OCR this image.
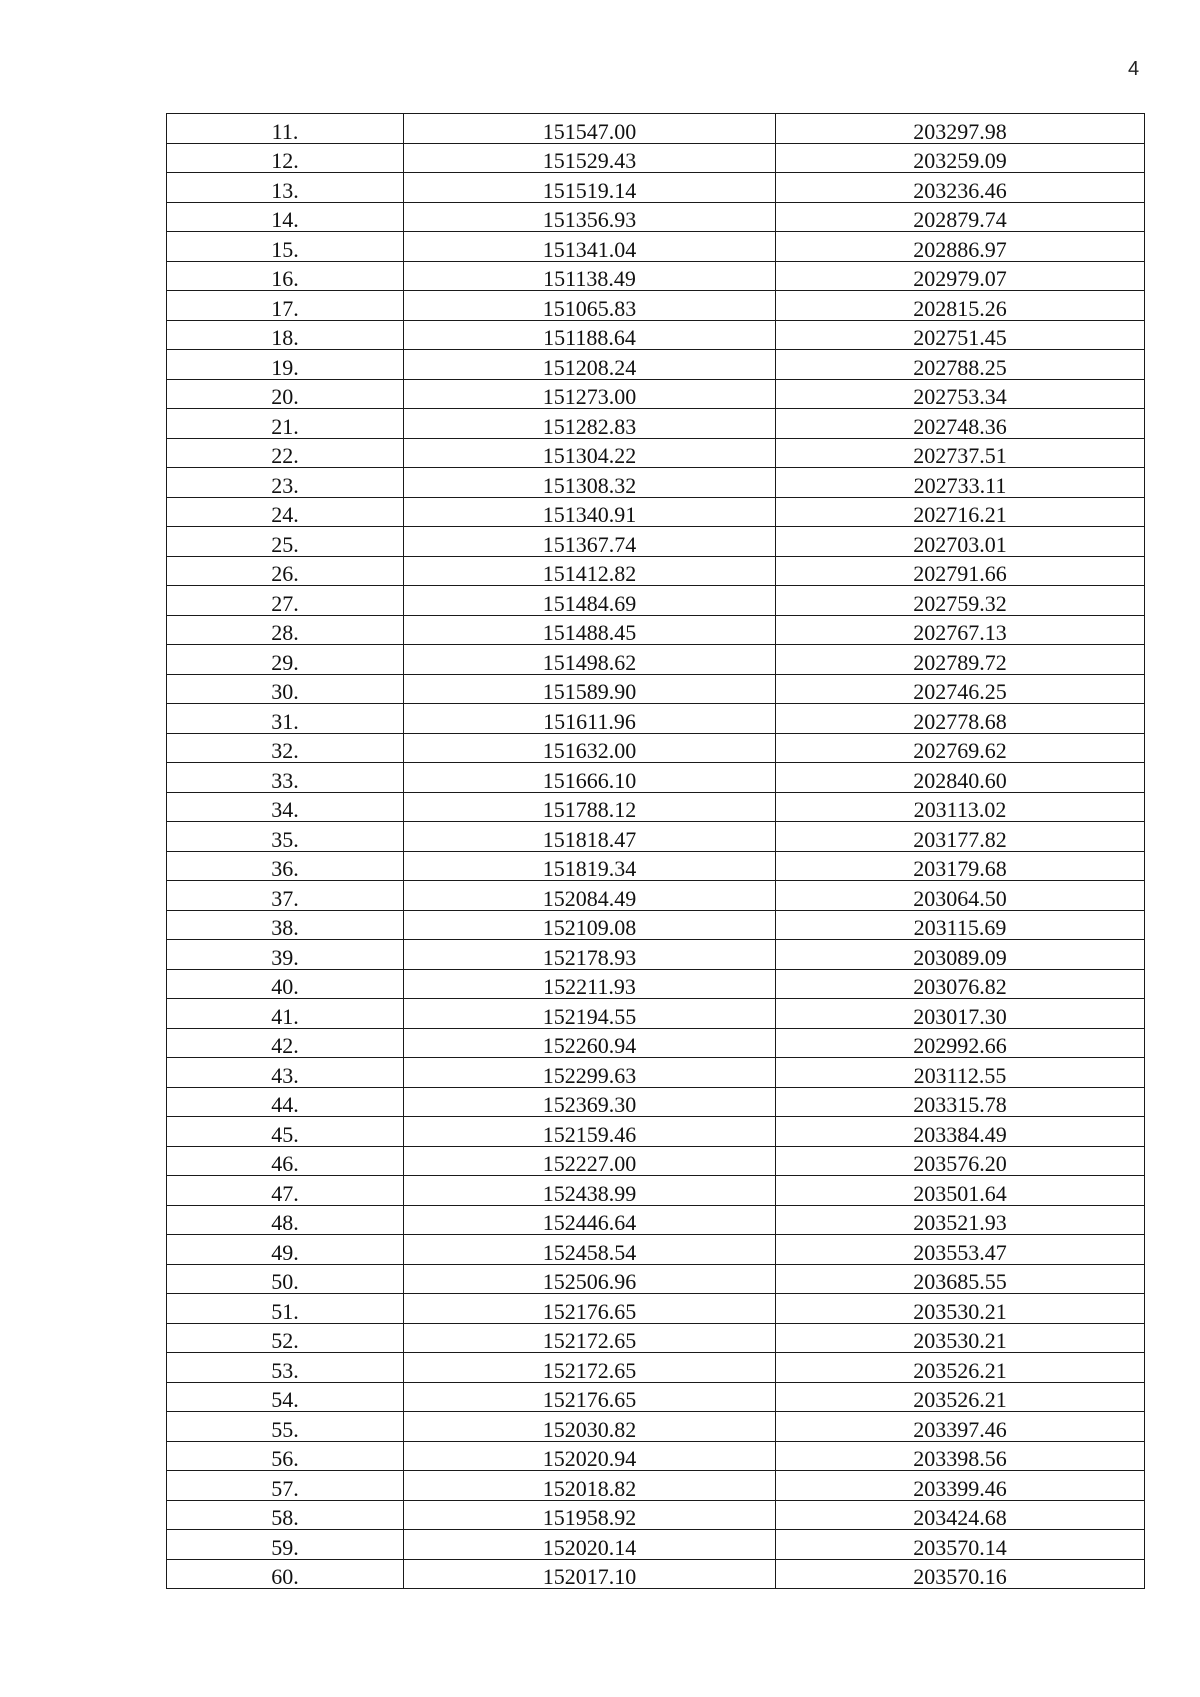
4
11.	151547.00	203297.98
12.	151529.43	203259.09
13.	151519.14	203236.46
14.	151356.93	202879.74
15.	151341.04	202886.97
16.	151138.49	202979.07
17.	151065.83	202815.26
18.	151188.64	202751.45
19.	151208.24	202788.25
20.	151273.00	202753.34
21.	151282.83	202748.36
22.	151304.22	202737.51
23.	151308.32	202733.11
24.	151340.91	202716.21
25.	151367.74	202703.01
26.	151412.82	202791.66
27.	151484.69	202759.32
28.	151488.45	202767.13
29.	151498.62	202789.72
30.	151589.90	202746.25
31.	151611.96	202778.68
32.	151632.00	202769.62
33.	151666.10	202840.60
34.	151788.12	203113.02
35.	151818.47	203177.82
36.	151819.34	203179.68
37.	152084.49	203064.50
38.	152109.08	203115.69
39.	152178.93	203089.09
40.	152211.93	203076.82
41.	152194.55	203017.30
42.	152260.94	202992.66
43.	152299.63	203112.55
44.	152369.30	203315.78
45.	152159.46	203384.49
46.	152227.00	203576.20
47.	152438.99	203501.64
48.	152446.64	203521.93
49.	152458.54	203553.47
50.	152506.96	203685.55
51.	152176.65	203530.21
52.	152172.65	203530.21
53.	152172.65	203526.21
54.	152176.65	203526.21
55.	152030.82	203397.46
56.	152020.94	203398.56
57.	152018.82	203399.46
58.	151958.92	203424.68
59.	152020.14	203570.14
60.	152017.10	203570.16
